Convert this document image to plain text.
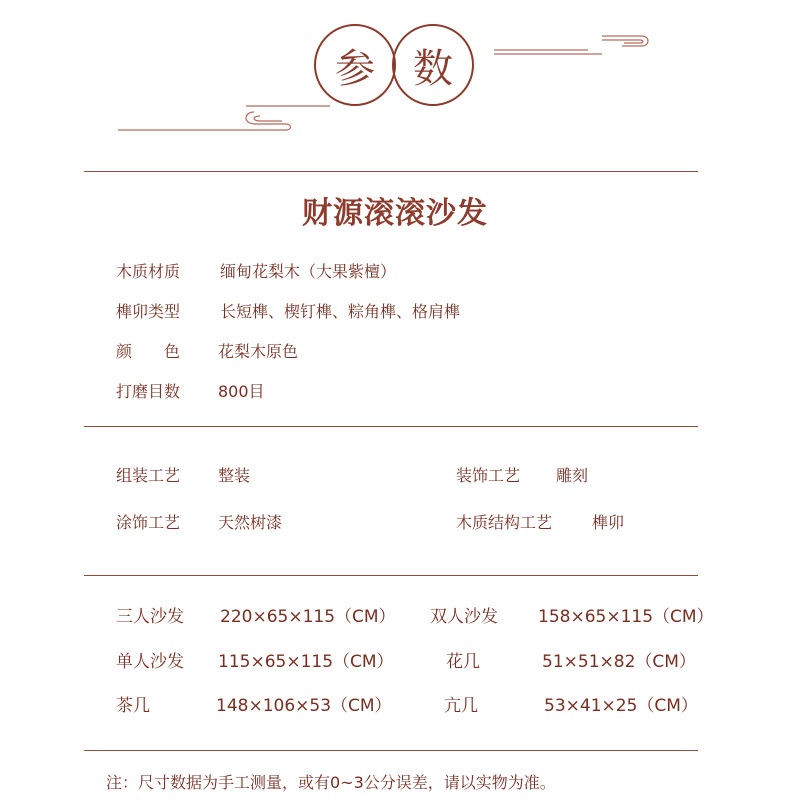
参 数
财源滚滚沙发
木质材质 缅甸花梨木（大果紫檀）
榫卯类型 长短榫、楔钉榫、粽角榫、格肩榫
颜　　色 花梨木原色
打磨目数 800目
组装工艺 整装	装饰工艺 雕刻
涂饰工艺 天然树漆	木质结构工艺 榫卯
三人沙发 220×65×115（CM） 双人沙发 158×65×115（CM）
单人沙发 115×65×115（CM）	花几	51×51×82（CM）
茶几	148×106×53（CM）	亢几	53×41×25（CM）
注：尺寸数据为手工测量，或有0~3公分误差，请以实物为准。
